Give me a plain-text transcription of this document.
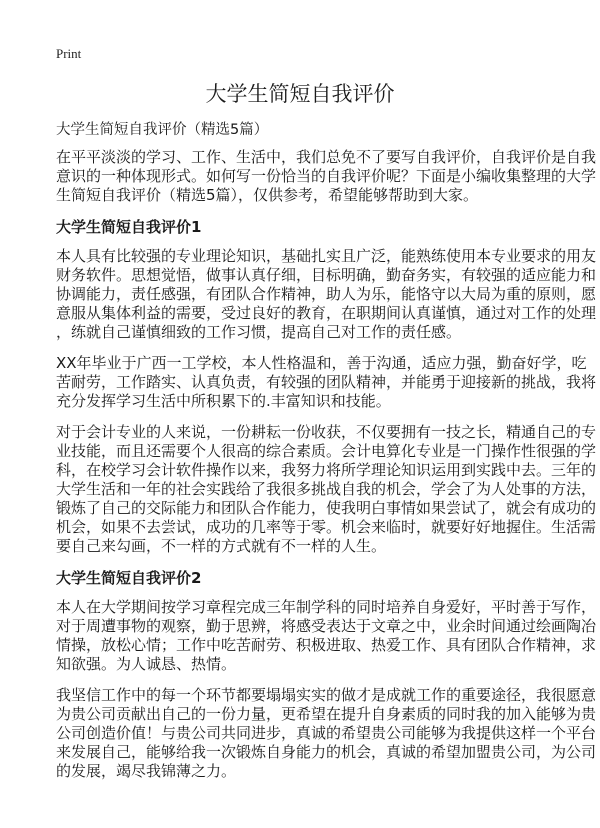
Print
大学生简短自我评价
大学生简短自我评价（精选5篇）
在平平淡淡的学习、工作、生活中，我们总免不了要写自我评价，自我评价是自我
意识的一种体现形式。如何写一份恰当的自我评价呢？下面是小编收集整理的大学
生简短自我评价（精选5篇），仅供参考，希望能够帮助到大家。
大学生简短自我评价1
本人具有比较强的专业理论知识，基础扎实且广泛，能熟练使用本专业要求的用友
财务软件。思想觉悟，做事认真仔细，目标明确，勤奋务实，有较强的适应能力和
协调能力，责任感强，有团队合作精神，助人为乐，能恪守以大局为重的原则，愿
意服从集体利益的需要，受过良好的教育，在职期间认真谨慎，通过对工作的处理
，练就自己谨慎细致的工作习惯，提高自己对工作的责任感。
XX年毕业于广西一工学校，本人性格温和，善于沟通，适应力强，勤奋好学，吃
苦耐劳，工作踏实、认真负责，有较强的团队精神，并能勇于迎接新的挑战，我将
充分发挥学习生活中所积累下的.丰富知识和技能。
对于会计专业的人来说，一份耕耘一份收获，不仅要拥有一技之长，精通自己的专
业技能，而且还需要个人很高的综合素质。会计电算化专业是一门操作性很强的学
科，在校学习会计软件操作以来，我努力将所学理论知识运用到实践中去。三年的
大学生活和一年的社会实践给了我很多挑战自我的机会，学会了为人处事的方法，
锻炼了自己的交际能力和团队合作能力，使我明白事情如果尝试了，就会有成功的
机会，如果不去尝试，成功的几率等于零。机会来临时，就要好好地握住。生活需
要自己来勾画，不一样的方式就有不一样的人生。
大学生简短自我评价2
本人在大学期间按学习章程完成三年制学科的同时培养自身爱好，平时善于写作，
对于周遭事物的观察，勤于思辨，将感受表达于文章之中，业余时间通过绘画陶冶
情操，放松心情；工作中吃苦耐劳、积极进取、热爱工作、具有团队合作精神，求
知欲强。为人诚恳、热情。
我坚信工作中的每一个环节都要塌塌实实的做才是成就工作的重要途径，我很愿意
为贵公司贡献出自己的一份力量，更希望在提升自身素质的同时我的加入能够为贵
公司创造价值！与贵公司共同进步，真诚的希望贵公司能够为我提供这样一个平台
来发展自己，能够给我一次锻炼自身能力的机会，真诚的希望加盟贵公司，为公司
的发展，竭尽我锦薄之力。
